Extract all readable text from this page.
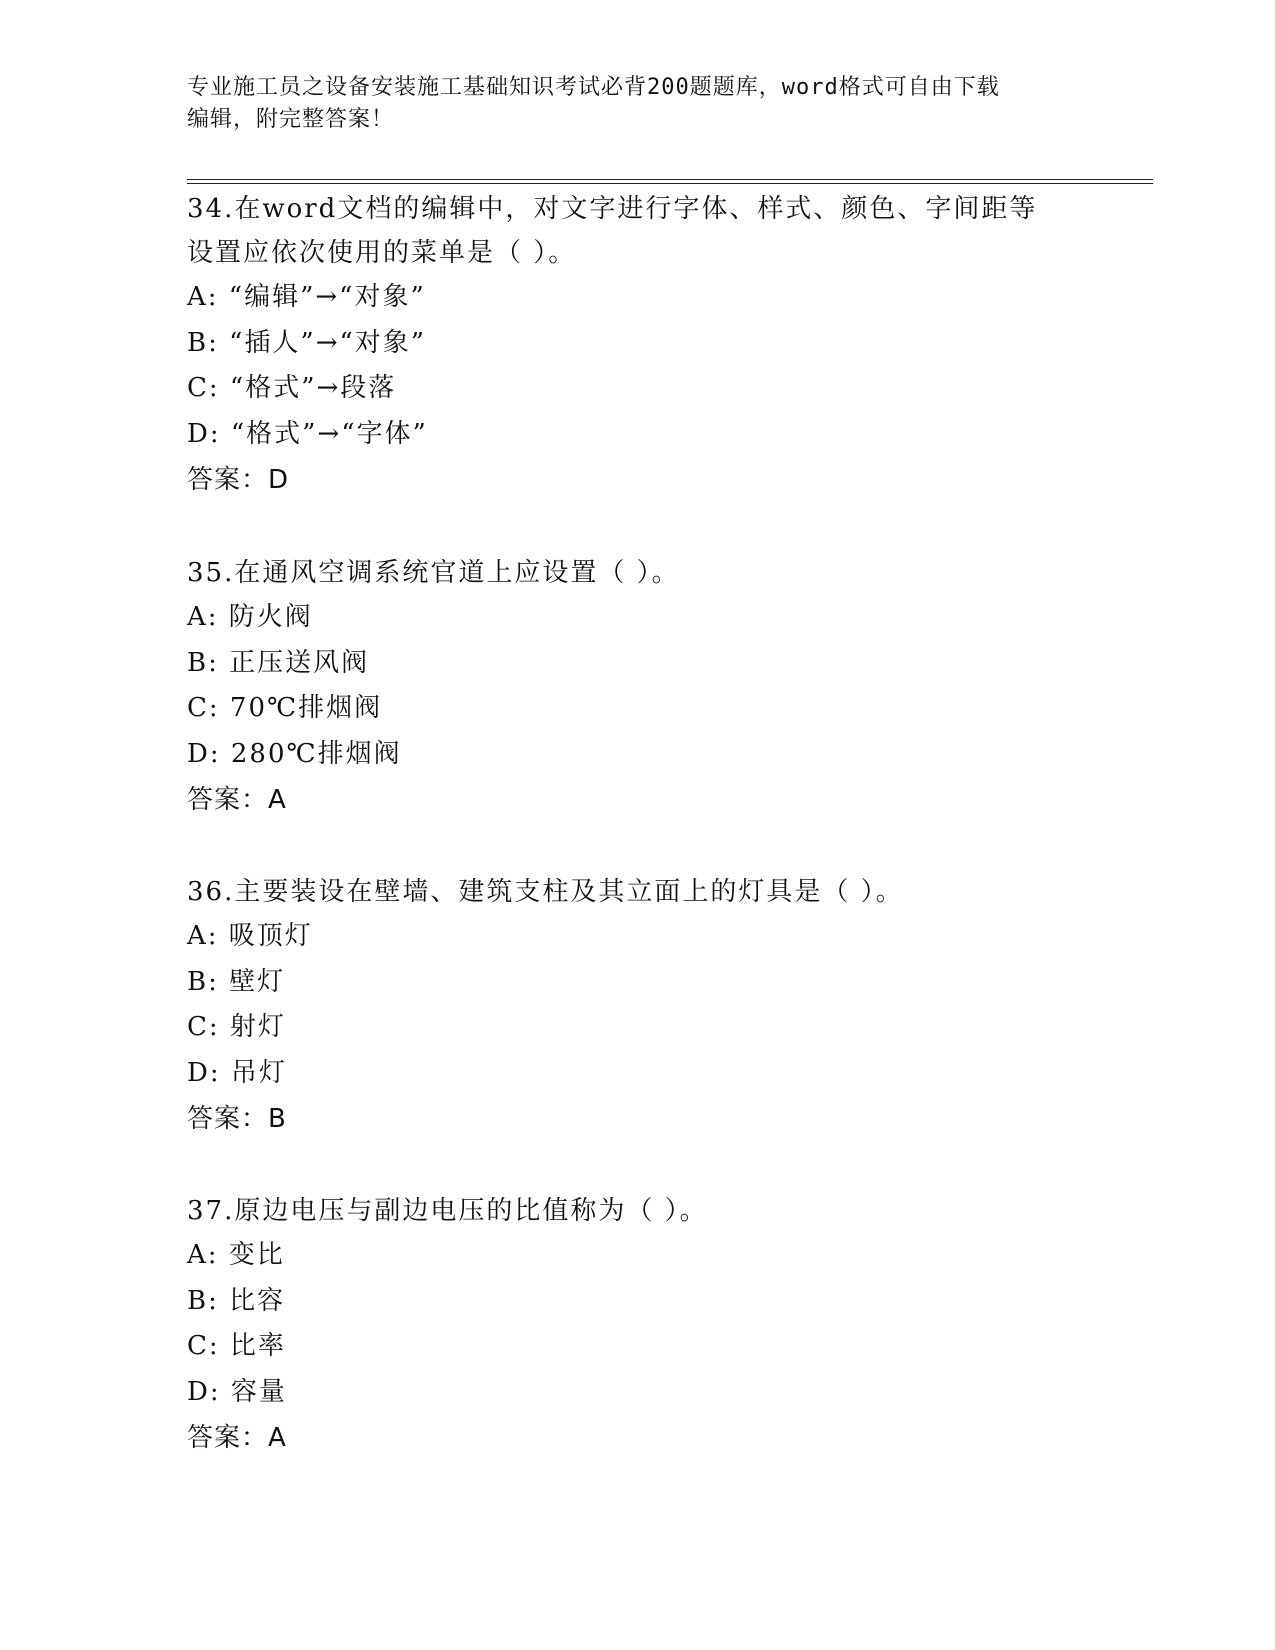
专业施工员之设备安装施工基础知识考试必背200题题库，word格式可自由下载
编辑，附完整答案！

34.在word文档的编辑中，对文字进行字体、样式、颜色、字间距等

设置应依次使用的菜单是（ ）。

A: “编辑”→“对象”

B: “插人”→“对象”

C: “格式”→段落

D: “格式”→“字体”

答案：D

35.在通风空调系统官道上应设置（ ）。

A: 防火阀

B: 正压送风阀

C: 70℃排烟阀

D: 280℃排烟阀

答案：A

36.主要装设在壁墙、建筑支柱及其立面上的灯具是（ ）。

A: 吸顶灯

B: 壁灯

C: 射灯

D: 吊灯

答案：B

37.原边电压与副边电压的比值称为（ ）。

A: 变比

B: 比容

C: 比率

D: 容量

答案：A
